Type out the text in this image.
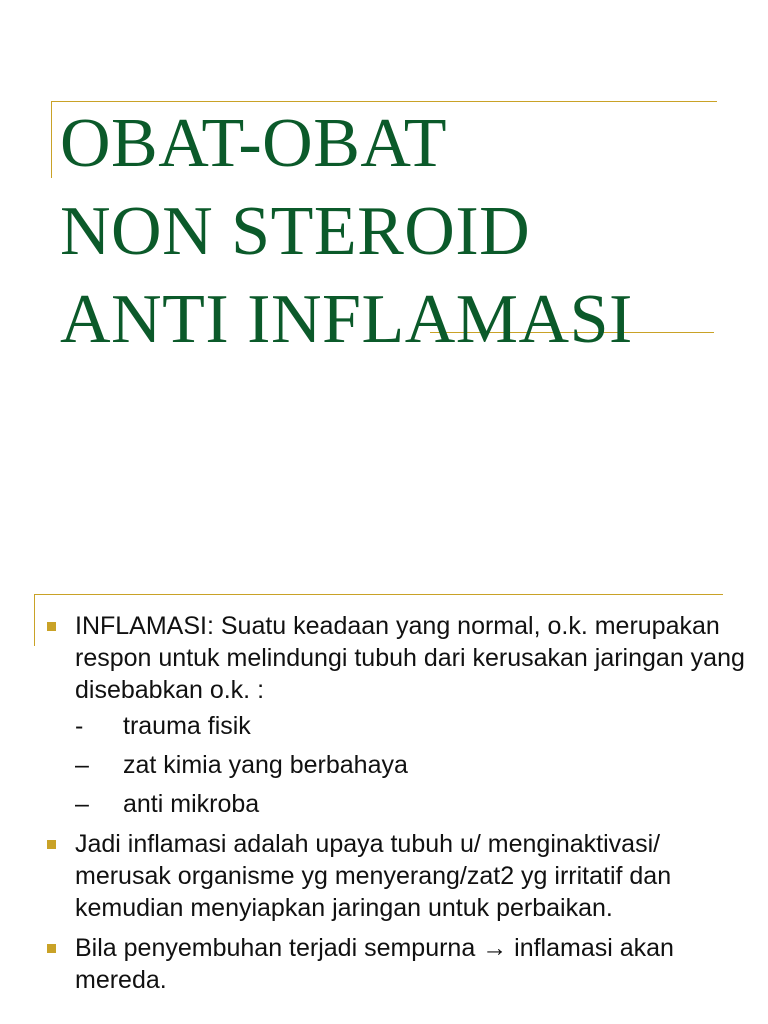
OBAT-OBAT
NON STEROID
ANTI INFLAMASI
INFLAMASI: Suatu keadaan yang normal, o.k. merupakan respon untuk melindungi tubuh dari kerusakan jaringan yang disebabkan o.k. :
-	trauma fisik
–	zat kimia yang berbahaya
–	anti mikroba
Jadi inflamasi adalah upaya tubuh u/ menginaktivasi/ merusak organisme yg menyerang/zat2 yg irritatif dan kemudian menyiapkan jaringan untuk perbaikan.
Bila penyembuhan terjadi sempurna → inflamasi akan mereda.
